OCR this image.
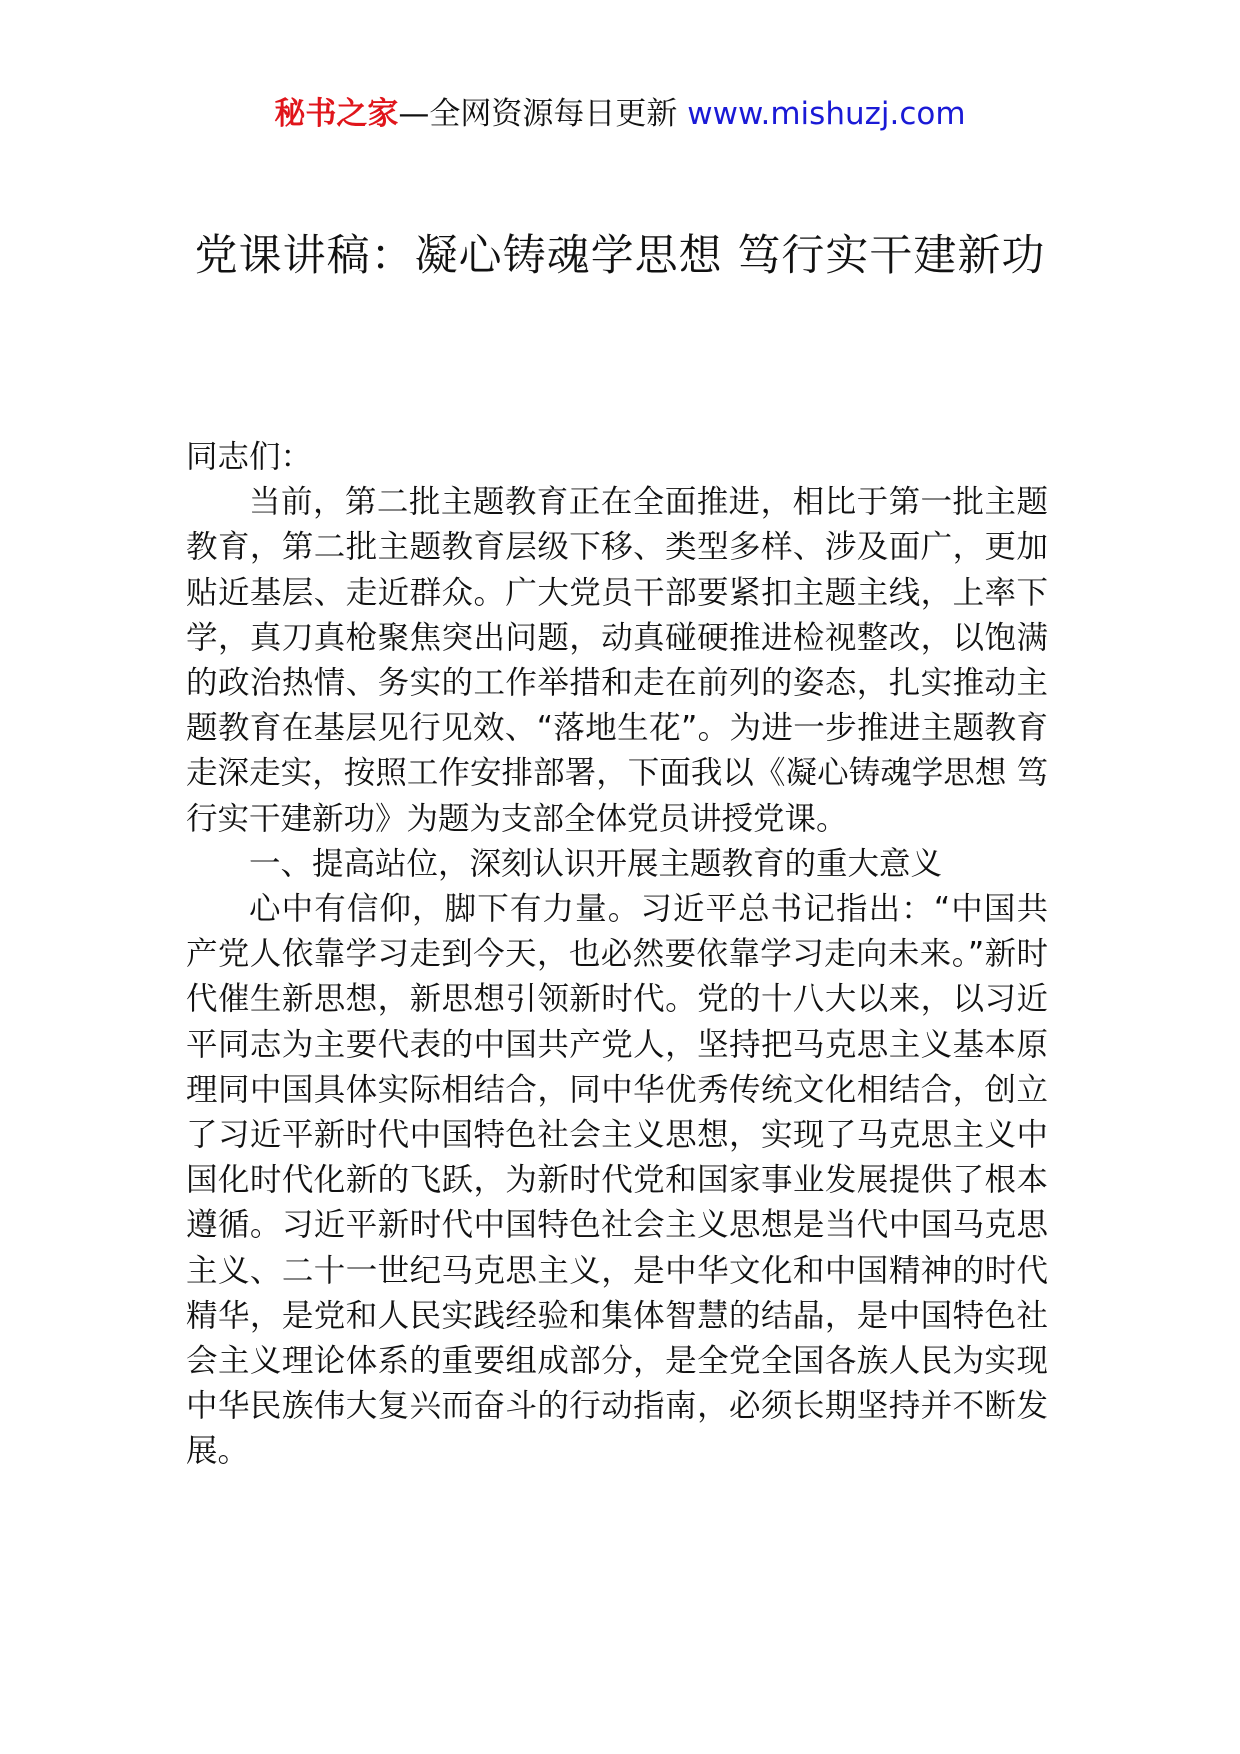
秘书之家—全网资源每日更新 www.mishuzj.com
党课讲稿：凝心铸魂学思想 笃行实干建新功

同志们：

当前，第二批主题教育正在全面推进，相比于第一批主题教育，第二批主题教育层级下移、类型多样、涉及面广，更加贴近基层、走近群众。广大党员干部要紧扣主题主线，上率下学，真刀真枪聚焦突出问题，动真碰硬推进检视整改，以饱满的政治热情、务实的工作举措和走在前列的姿态，扎实推动主题教育在基层见行见效、“落地生花”。为进一步推进主题教育走深走实，按照工作安排部署，下面我以《凝心铸魂学思想 笃行实干建新功》为题为支部全体党员讲授党课。

一、提高站位，深刻认识开展主题教育的重大意义

心中有信仰，脚下有力量。习近平总书记指出：“中国共产党人依靠学习走到今天，也必然要依靠学习走向未来。”新时代催生新思想，新思想引领新时代。党的十八大以来，以习近平同志为主要代表的中国共产党人，坚持把马克思主义基本原理同中国具体实际相结合，同中华优秀传统文化相结合，创立了习近平新时代中国特色社会主义思想，实现了马克思主义中国化时代化新的飞跃，为新时代党和国家事业发展提供了根本遵循。习近平新时代中国特色社会主义思想是当代中国马克思主义、二十一世纪马克思主义，是中华文化和中国精神的时代精华，是党和人民实践经验和集体智慧的结晶，是中国特色社会主义理论体系的重要组成部分，是全党全国各族人民为实现中华民族伟大复兴而奋斗的行动指南，必须长期坚持并不断发展。
